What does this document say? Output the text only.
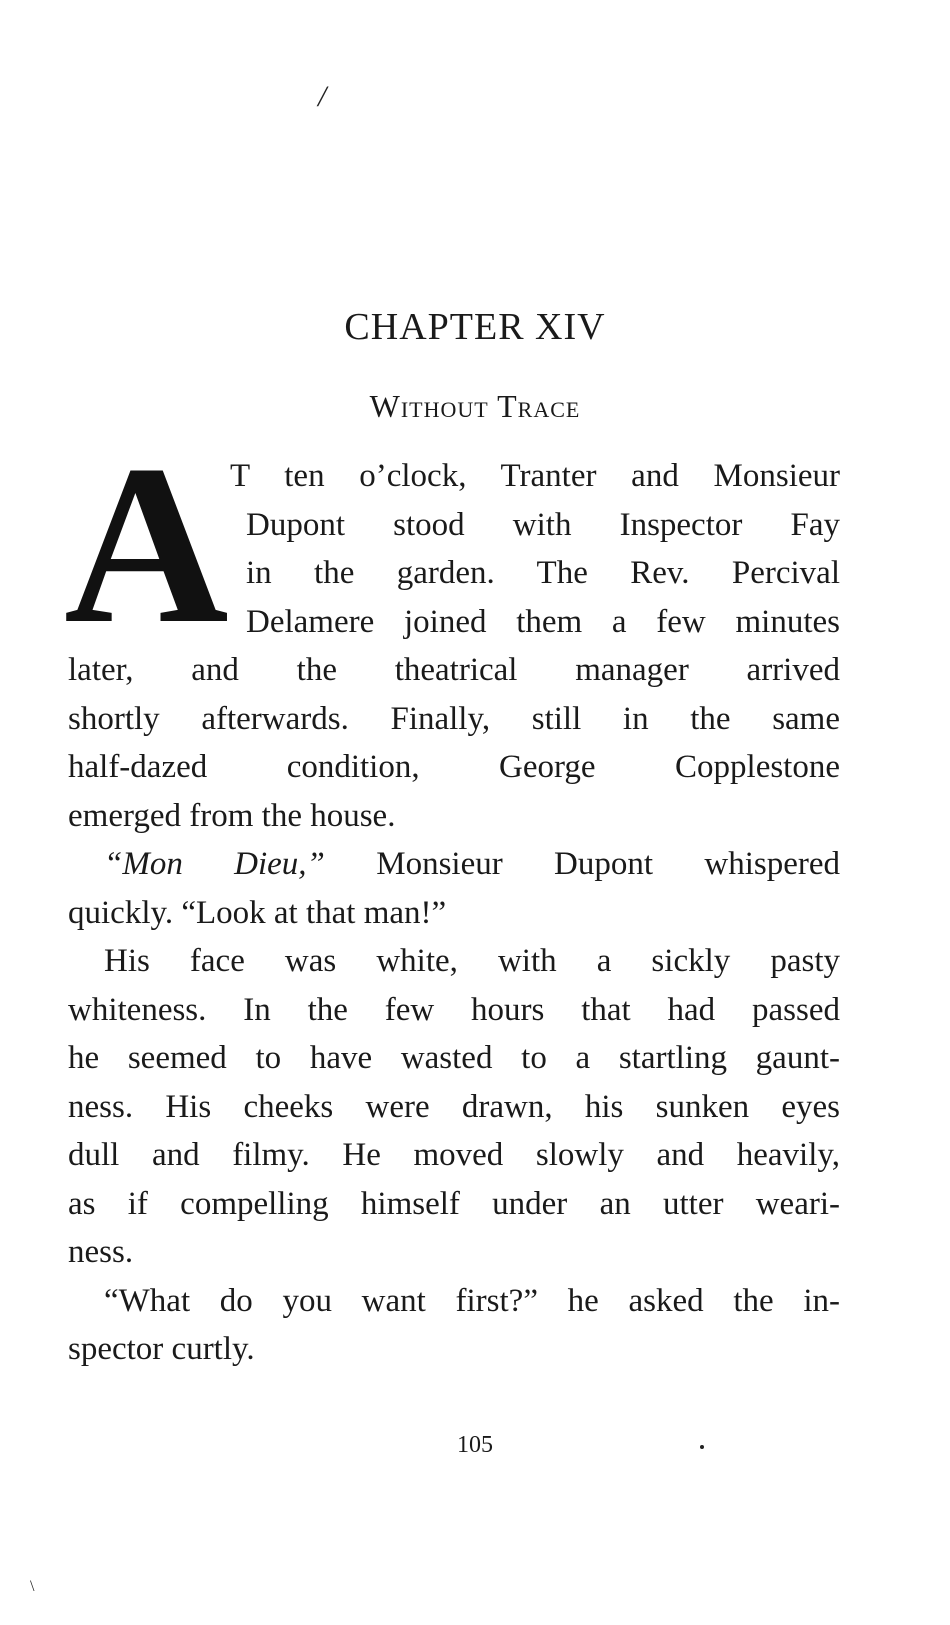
/
CHAPTER XIV
Without Trace
A T ten o’clock, Tranter and Monsieur
Dupont stood with Inspector Fay
in the garden. The Rev. Percival
Delamere joined them a few minutes
later, and the theatrical manager arrived
shortly afterwards. Finally, still in the same
half-dazed condition, George Copplestone
emerged from the house.
“Mon Dieu,” Monsieur Dupont whispered
quickly. “Look at that man!”
His face was white, with a sickly pasty
whiteness. In the few hours that had passed
he seemed to have wasted to a startling gaunt-
ness. His cheeks were drawn, his sunken eyes
dull and filmy. He moved slowly and heavily,
as if compelling himself under an utter weari-
ness.
“What do you want first?” he asked the in-
spector curtly.
105
\
